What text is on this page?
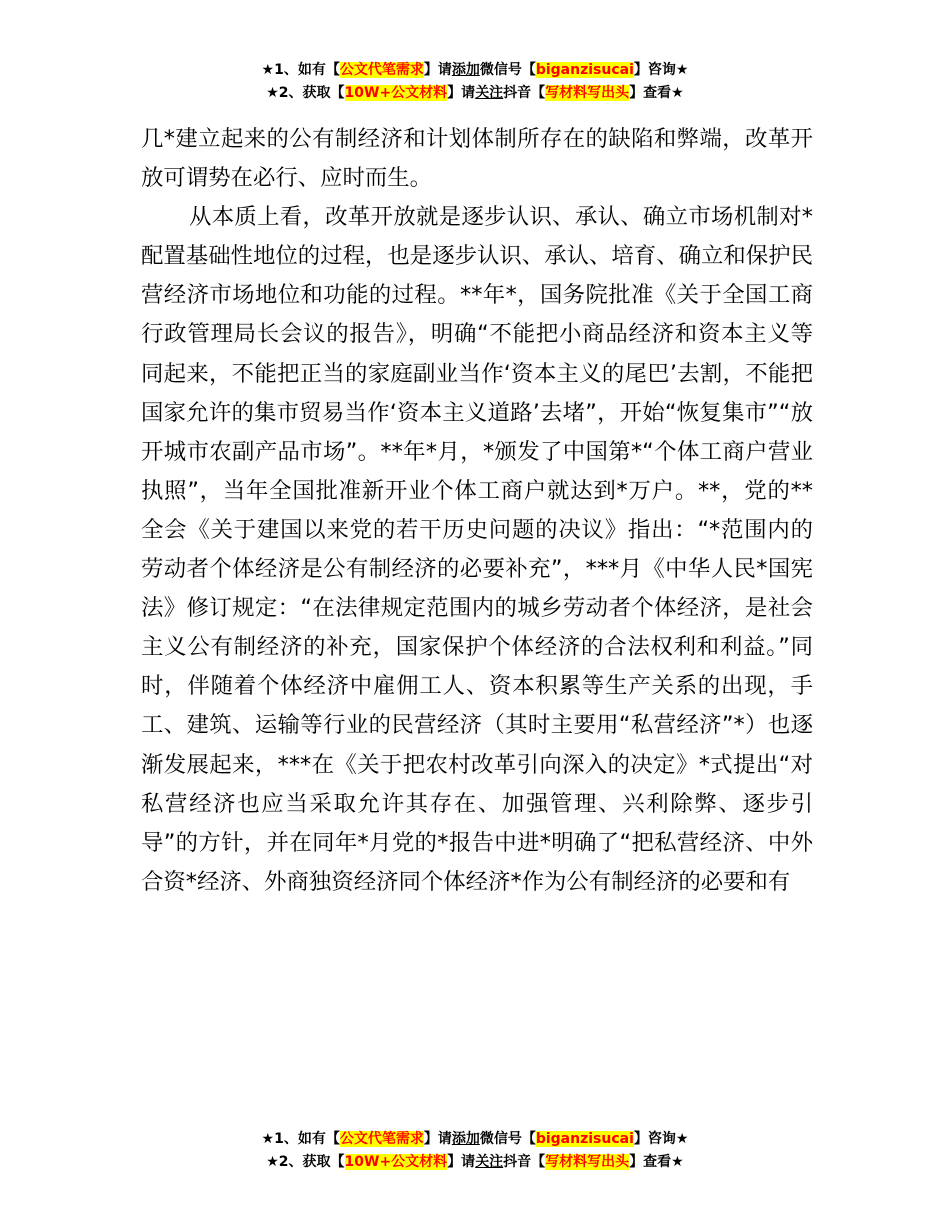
★1、如有【公文代笔需求】请添加微信号【biganzisucai】咨询★
★2、获取【10W+公文材料】请关注抖音【写材料写出头】查看★

几*建立起来的公有制经济和计划体制所存在的缺陷和弊端，改革开放可谓势在必行、应时而生。

从本质上看，改革开放就是逐步认识、承认、确立市场机制对*配置基础性地位的过程，也是逐步认识、承认、培育、确立和保护民营经济市场地位和功能的过程。**年*，国务院批准《关于全国工商行政管理局长会议的报告》，明确“不能把小商品经济和资本主义等同起来，不能把正当的家庭副业当作‘资本主义的尾巴’去割，不能把国家允许的集市贸易当作‘资本主义道路’去堵”，开始“恢复集市”“放开城市农副产品市场”。**年*月，*颁发了中国第*“个体工商户营业执照”，当年全国批准新开业个体工商户就达到*万户。**，党的**全会《关于建国以来党的若干历史问题的决议》指出：“*范围内的劳动者个体经济是公有制经济的必要补充”，***月《中华人民*国宪法》修订规定：“在法律规定范围内的城乡劳动者个体经济，是社会主义公有制经济的补充，国家保护个体经济的合法权利和利益。”同时，伴随着个体经济中雇佣工人、资本积累等生产关系的出现，手工、建筑、运输等行业的民营经济（其时主要用“私营经济”*）也逐渐发展起来，***在《关于把农村改革引向深入的决定》*式提出“对私营经济也应当采取允许其存在、加强管理、兴利除弊、逐步引导”的方针，并在同年*月党的*报告中进*明确了“把私营经济、中外合资*经济、外商独资经济同个体经济*作为公有制经济的必要和有

★1、如有【公文代笔需求】请添加微信号【biganzisucai】咨询★
★2、获取【10W+公文材料】请关注抖音【写材料写出头】查看★
